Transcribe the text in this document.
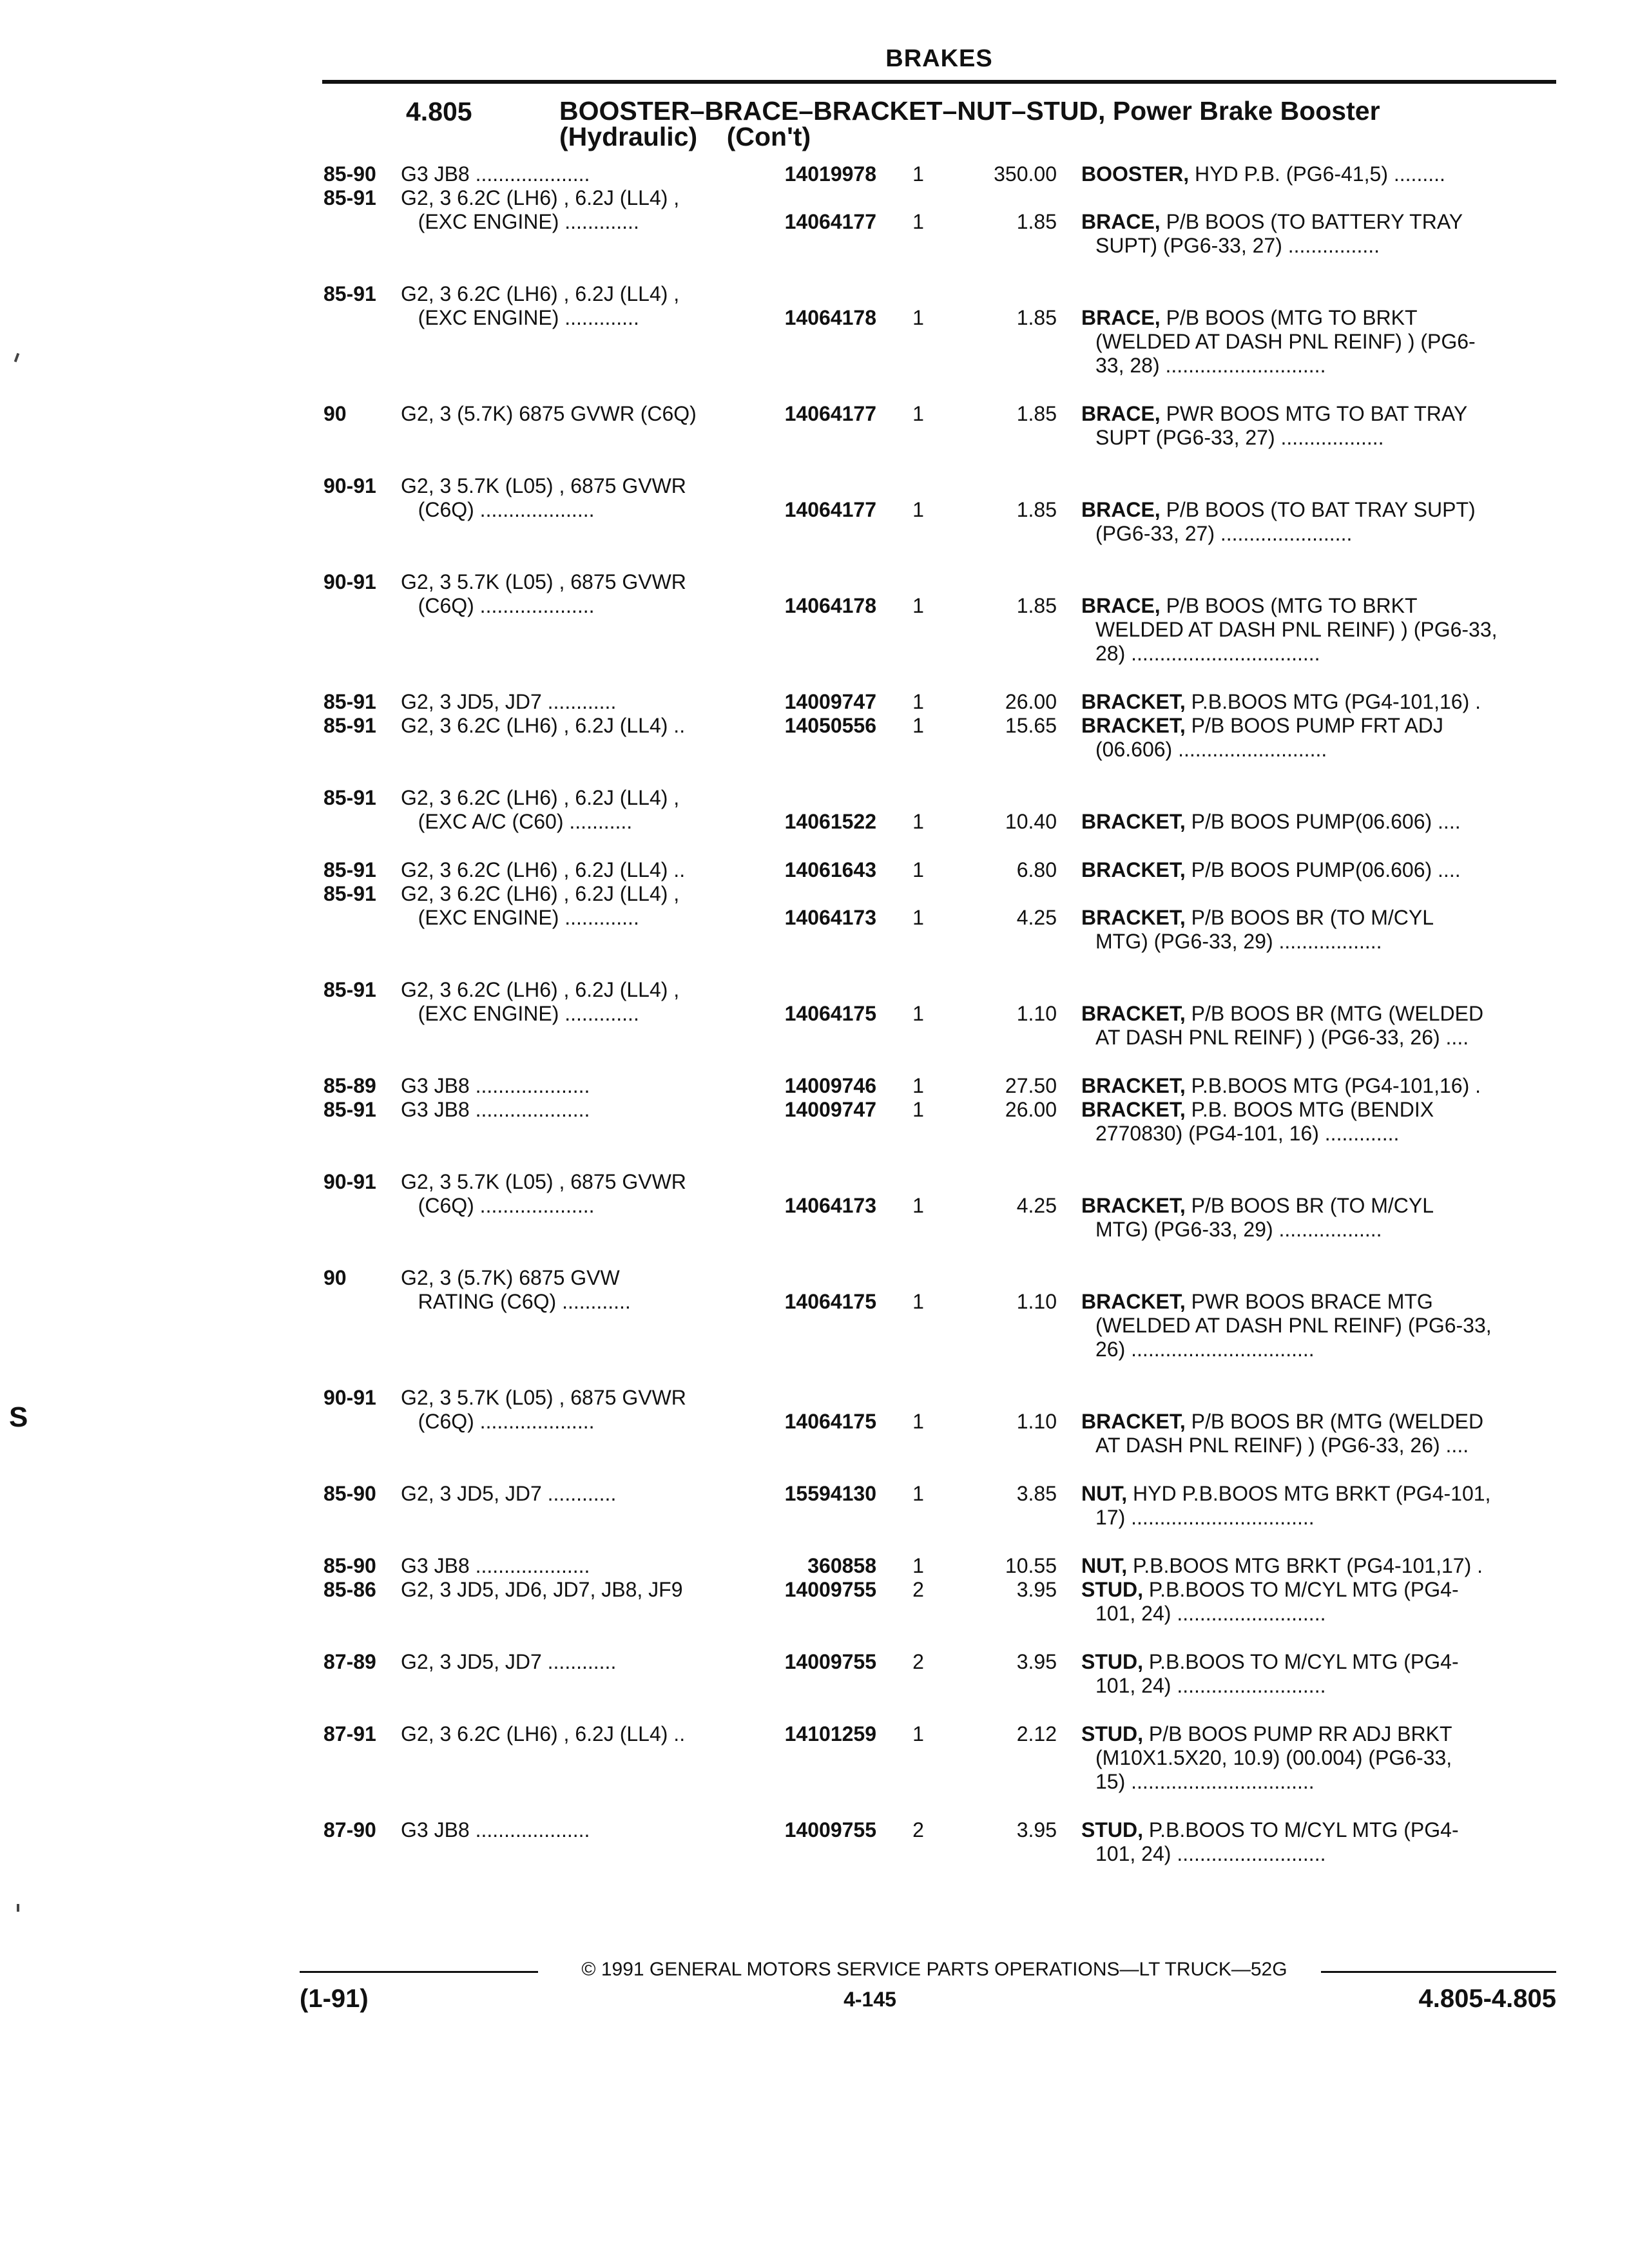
BRAKES
4.805	BOOSTER–BRACE–BRACKET–NUT–STUD, Power Brake Booster
(Hydraulic)    (Con't)
85-90 G3 JB8 ....................	14019978 1	350.00 BOOSTER, HYD P.B. (PG6-41,5) .........
85-91 G2, 3 6.2C (LH6) , 6.2J (LL4) ,
(EXC ENGINE) .............	14064177 1	1.85 BRACE, P/B BOOS (TO BATTERY TRAY
SUPT) (PG6-33, 27) ................
85-91 G2, 3 6.2C (LH6) , 6.2J (LL4) ,
(EXC ENGINE) .............	14064178 1	1.85 BRACE, P/B BOOS (MTG TO BRKT
(WELDED AT DASH PNL REINF) ) (PG6-
33, 28) ............................
90	G2, 3 (5.7K) 6875 GVWR (C6Q)	14064177 1	1.85 BRACE, PWR BOOS MTG TO BAT TRAY
SUPT (PG6-33, 27) ..................
90-91 G2, 3 5.7K (L05) , 6875 GVWR
(C6Q) ....................	14064177 1	1.85 BRACE, P/B BOOS (TO BAT TRAY SUPT)
(PG6-33, 27) .......................
90-91 G2, 3 5.7K (L05) , 6875 GVWR
(C6Q) ....................	14064178 1	1.85 BRACE, P/B BOOS (MTG TO BRKT
WELDED AT DASH PNL REINF) ) (PG6-33,
28) .................................
85-91 G2, 3 JD5, JD7 ............	14009747 1	26.00 BRACKET, P.B.BOOS MTG (PG4-101,16) .
85-91 G2, 3 6.2C (LH6) , 6.2J (LL4) ..	14050556 1	15.65 BRACKET, P/B BOOS PUMP FRT ADJ
(06.606) ..........................
85-91 G2, 3 6.2C (LH6) , 6.2J (LL4) ,
(EXC A/C (C60) ...........	14061522 1	10.40 BRACKET, P/B BOOS PUMP(06.606) ....
85-91 G2, 3 6.2C (LH6) , 6.2J (LL4) ..	14061643 1	6.80 BRACKET, P/B BOOS PUMP(06.606) ....
85-91 G2, 3 6.2C (LH6) , 6.2J (LL4) ,
(EXC ENGINE) .............	14064173 1	4.25 BRACKET, P/B BOOS BR (TO M/CYL
MTG) (PG6-33, 29) ..................
85-91 G2, 3 6.2C (LH6) , 6.2J (LL4) ,
(EXC ENGINE) .............	14064175 1	1.10 BRACKET, P/B BOOS BR (MTG (WELDED
AT DASH PNL REINF) ) (PG6-33, 26) ....
85-89 G3 JB8 ....................	14009746 1	27.50 BRACKET, P.B.BOOS MTG (PG4-101,16) .
85-91 G3 JB8 ....................	14009747 1	26.00 BRACKET, P.B. BOOS MTG (BENDIX
2770830) (PG4-101, 16) .............
90-91 G2, 3 5.7K (L05) , 6875 GVWR
(C6Q) ....................	14064173 1	4.25 BRACKET, P/B BOOS BR (TO M/CYL
MTG) (PG6-33, 29) ..................
90	G2, 3 (5.7K) 6875 GVW
RATING (C6Q) ............	14064175 1	1.10 BRACKET, PWR BOOS BRACE MTG
(WELDED AT DASH PNL REINF) (PG6-33,
26) ................................
90-91 G2, 3 5.7K (L05) , 6875 GVWR
(C6Q) ....................	14064175 1	1.10 BRACKET, P/B BOOS BR (MTG (WELDED
AT DASH PNL REINF) ) (PG6-33, 26) ....
85-90 G2, 3 JD5, JD7 ............	15594130 1	3.85 NUT, HYD P.B.BOOS MTG BRKT (PG4-101,
17) ................................
85-90 G3 JB8 ....................	360858 1	10.55 NUT, P.B.BOOS MTG BRKT (PG4-101,17) .
85-86 G2, 3 JD5, JD6, JD7, JB8, JF9	14009755 2	3.95 STUD, P.B.BOOS TO M/CYL MTG (PG4-
101, 24) ..........................
87-89 G2, 3 JD5, JD7 ............	14009755 2	3.95 STUD, P.B.BOOS TO M/CYL MTG (PG4-
101, 24) ..........................
87-91 G2, 3 6.2C (LH6) , 6.2J (LL4) ..	14101259 1	2.12 STUD, P/B BOOS PUMP RR ADJ BRKT
(M10X1.5X20, 10.9) (00.004) (PG6-33,
15) ................................
87-90 G3 JB8 ....................	14009755 2	3.95 STUD, P.B.BOOS TO M/CYL MTG (PG4-
101, 24) ..........................
© 1991 GENERAL MOTORS SERVICE PARTS OPERATIONS—LT TRUCK—52G
(1-91)	4-145	4.805-4.805
S
